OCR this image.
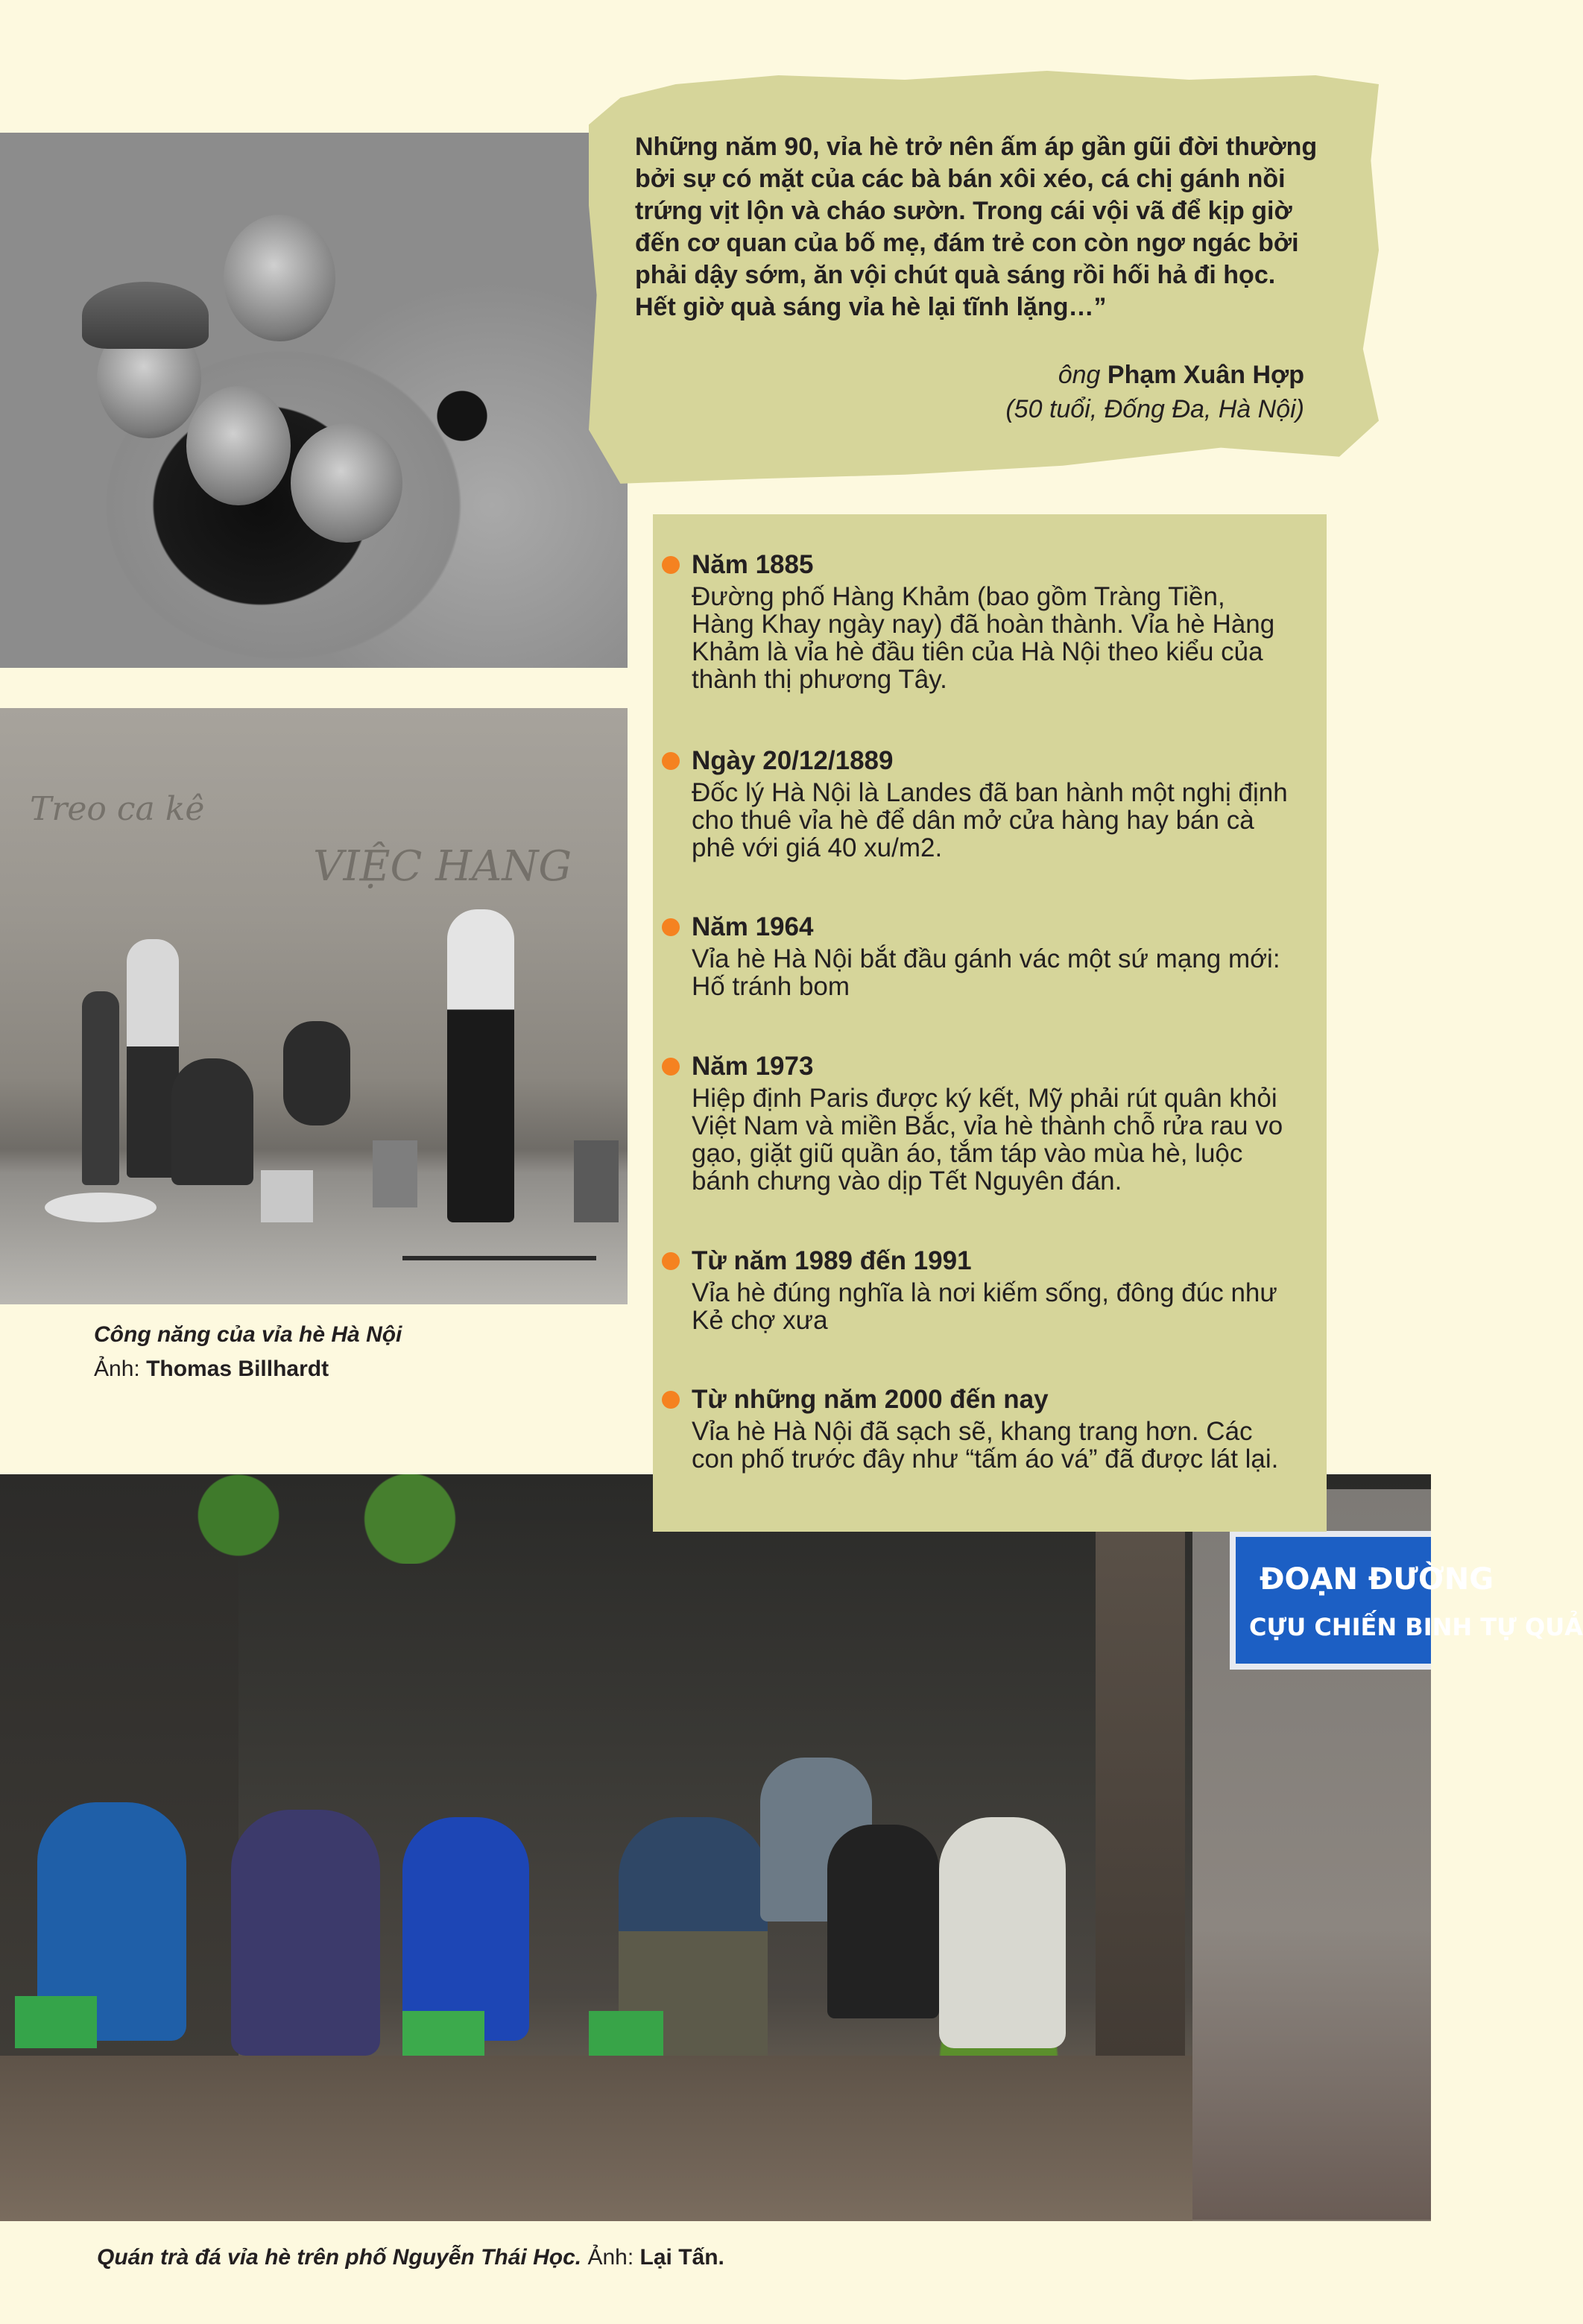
Treo ca kê
VIỆC HANG
ĐOẠN ĐƯỜNG
CỰU CHIẾN BINH TỰ QUẢ
Những năm 90, vỉa hè trở nên ấm áp gần gũi đời thường bởi sự có mặt của các bà bán xôi xéo, cá chị gánh nồi trứng vịt lộn và cháo sườn. Trong cái vội vã để kịp giờ đến cơ quan của bố mẹ, đám trẻ con còn ngơ ngác bởi phải dậy sớm, ăn vội chút quà sáng rồi hối hả đi học. Hết giờ quà sáng vỉa hè lại tĩnh lặng…”
ông Phạm Xuân Hợp
(50 tuổi, Đống Đa, Hà Nội)
Năm 1885
Đường phố Hàng Khảm (bao gồm Tràng Tiền, Hàng Khay ngày nay) đã hoàn thành. Vỉa hè Hàng Khảm là vỉa hè đầu tiên của Hà Nội theo kiểu của thành thị phương Tây.
Ngày 20/12/1889
Đốc lý Hà Nội là Landes đã ban hành một nghị định cho thuê vỉa hè để dân mở cửa hàng hay bán cà phê với giá 40 xu/m2.
Năm 1964
Vỉa hè Hà Nội bắt đầu gánh vác một sứ mạng mới: Hố tránh bom
Năm 1973
Hiệp định Paris được ký kết, Mỹ phải rút quân khỏi Việt Nam và miền Bắc, vỉa hè thành chỗ rửa rau vo gạo, giặt giũ quần áo, tắm táp vào mùa hè, luộc bánh chưng vào dịp Tết Nguyên đán.
Từ năm 1989 đến 1991
Vỉa hè đúng nghĩa là nơi kiếm sống, đông đúc như Kẻ chợ xưa
Từ những năm 2000 đến nay
Vỉa hè Hà Nội đã sạch sẽ, khang trang hơn. Các con phố trước đây như “tấm áo vá” đã được lát lại.
Công năng của vỉa hè Hà Nội
Ảnh: Thomas Billhardt
Quán trà đá vỉa hè trên phố Nguyễn Thái Học. Ảnh: Lại Tấn.
